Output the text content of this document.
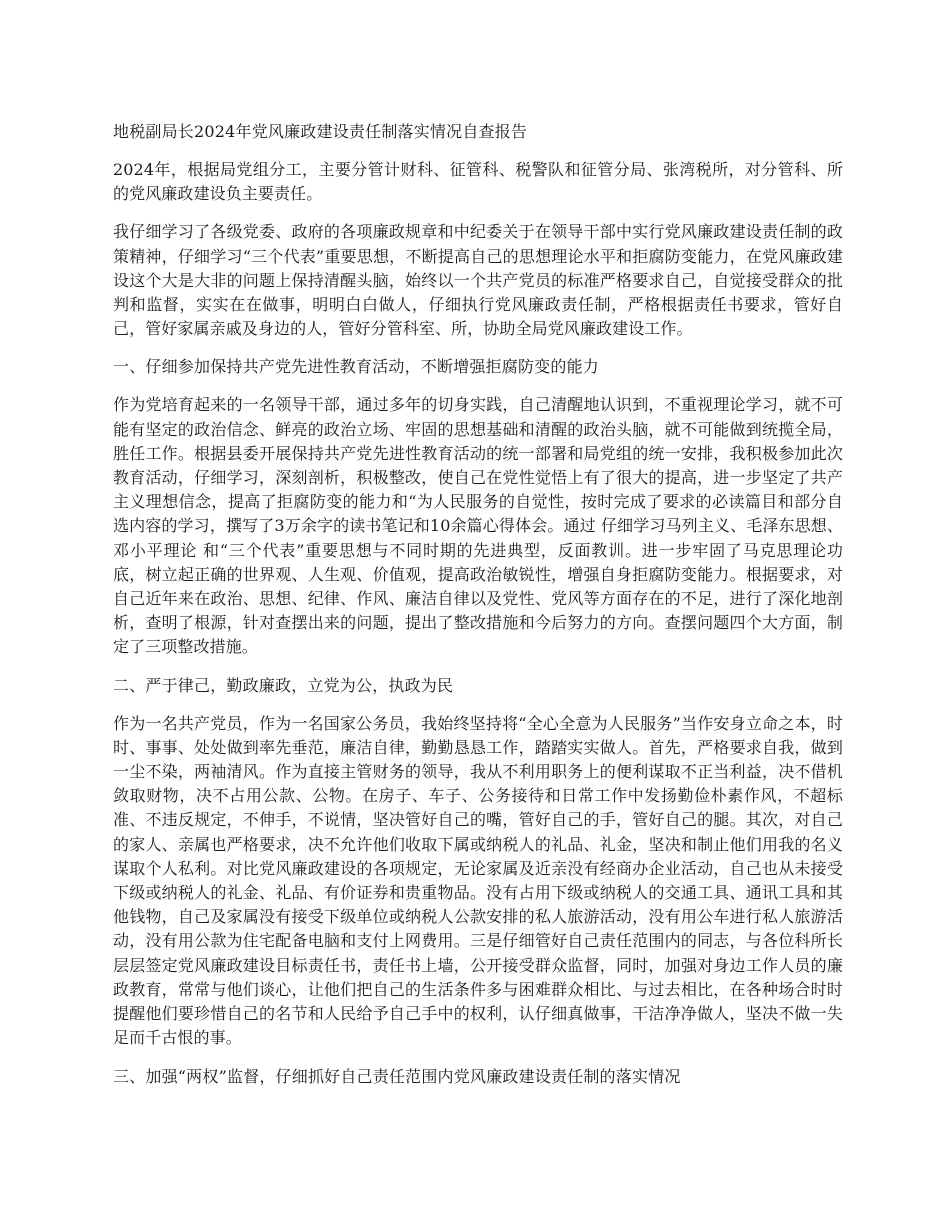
地税副局长2024年党风廉政建设责任制落实情况自查报告
2024年，根据局党组分工，主要分管计财科、征管科、税警队和征管分局、张湾税所，对分管科、所的党风廉政建设负主要责任。
我仔细学习了各级党委、政府的各项廉政规章和中纪委关于在领导干部中实行党风廉政建设责任制的政策精神，仔细学习“三个代表”重要思想，不断提高自己的思想理论水平和拒腐防变能力，在党风廉政建设这个大是大非的问题上保持清醒头脑，始终以一个共产党员的标准严格要求自己，自觉接受群众的批判和监督，实实在在做事，明明白白做人，仔细执行党风廉政责任制，严格根据责任书要求，管好自己，管好家属亲戚及身边的人，管好分管科室、所，协助全局党风廉政建设工作。
一、仔细参加保持共产党先进性教育活动，不断增强拒腐防变的能力
作为党培育起来的一名领导干部，通过多年的切身实践，自己清醒地认识到，不重视理论学习，就不可能有坚定的政治信念、鲜亮的政治立场、牢固的思想基础和清醒的政治头脑，就不可能做到统揽全局，胜任工作。根据县委开展保持共产党先进性教育活动的统一部署和局党组的统一安排，我积极参加此次教育活动，仔细学习，深刻剖析，积极整改，使自己在党性觉悟上有了很大的提高，进一步坚定了共产主义理想信念，提高了拒腐防变的能力和“为人民服务的自觉性，按时完成了要求的必读篇目和部分自选内容的学习，撰写了3万余字的读书笔记和10余篇心得体会。通过 仔细学习马列主义、毛泽东思想、邓小平理论 和“三个代表”重要思想与不同时期的先进典型，反面教训。进一步牢固了马克思理论功底，树立起正确的世界观、人生观、价值观，提高政治敏锐性，增强自身拒腐防变能力。根据要求，对自己近年来在政治、思想、纪律、作风、廉洁自律以及党性、党风等方面存在的不足，进行了深化地剖析，查明了根源，针对查摆出来的问题，提出了整改措施和今后努力的方向。查摆问题四个大方面，制定了三项整改措施。
二、严于律己，勤政廉政，立党为公，执政为民
作为一名共产党员，作为一名国家公务员，我始终坚持将“全心全意为人民服务”当作安身立命之本，时时、事事、处处做到率先垂范，廉洁自律，勤勤恳恳工作，踏踏实实做人。首先，严格要求自我，做到一尘不染，两袖清风。作为直接主管财务的领导，我从不利用职务上的便利谋取不正当利益，决不借机敛取财物，决不占用公款、公物。在房子、车子、公务接待和日常工作中发扬勤俭朴素作风，不超标准、不违反规定，不伸手，不说情，坚决管好自己的嘴，管好自己的手，管好自己的腿。其次，对自己的家人、亲属也严格要求，决不允许他们收取下属或纳税人的礼品、礼金，坚决和制止他们用我的名义谋取个人私利。对比党风廉政建设的各项规定，无论家属及近亲没有经商办企业活动，自己也从未接受下级或纳税人的礼金、礼品、有价证券和贵重物品。没有占用下级或纳税人的交通工具、通讯工具和其他钱物，自己及家属没有接受下级单位或纳税人公款安排的私人旅游活动，没有用公车进行私人旅游活动，没有用公款为住宅配备电脑和支付上网费用。三是仔细管好自己责任范围内的同志，与各位科所长层层签定党风廉政建设目标责任书，责任书上墙，公开接受群众监督，同时，加强对身边工作人员的廉政教育，常常与他们谈心，让他们把自己的生活条件多与困难群众相比、与过去相比，在各种场合时时提醒他们要珍惜自己的名节和人民给予自己手中的权利，认仔细真做事，干洁净净做人，坚决不做一失足而千古恨的事。
三、加强“两权”监督，仔细抓好自己责任范围内党风廉政建设责任制的落实情况
